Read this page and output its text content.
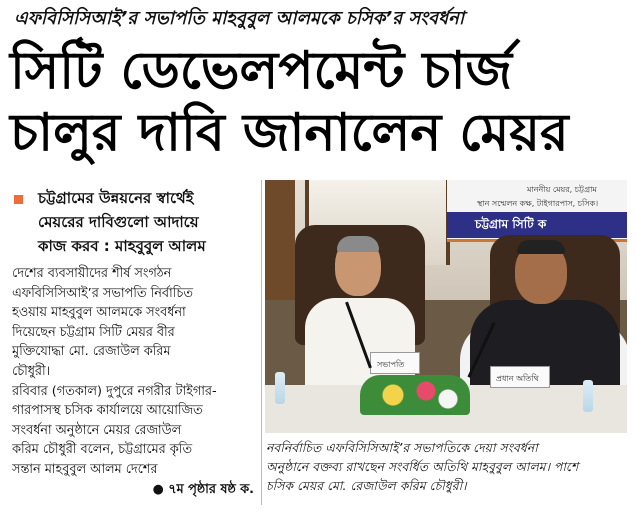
এফবিসিসিআই’র সভাপতি মাহবুবুল আলমকে চসিক’র সংবর্ধনা
সিটি ডেভেলপমেন্ট চার্জ
চালুর দাবি জানালেন মেয়র
চট্টগ্রামের উন্নয়নের স্বার্থেই
মেয়রের দাবিগুলো আদায়ে
কাজ করব : মাহবুবুল আলম
দেশের ব্যবসায়ীদের শীর্ষ সংগঠন
এফবিসিসিআই’র সভাপতি নির্বাচিত
হওয়ায় মাহবুবুল আলমকে সংবর্ধনা
দিয়েছেন চট্টগ্রাম সিটি মেয়র বীর
মুক্তিযোদ্ধা মো. রেজাউল করিম
চৌধুরী।
রবিবার (গতকাল) দুপুরে নগরীর টাইগার-
গারপাসস্থ চসিক কার্যালয়ে আয়োজিত
সংবর্ধনা অনুষ্ঠানে মেয়র রেজাউল
করিম চৌধুরী বলেন, চট্টগ্রামের কৃতি
সন্তান মাহবুবুল আলম দেশের
● ৭ম পৃষ্ঠার ষষ্ঠ ক.
মাননীয় মেয়র, চট্টগ্রাম
স্থান সম্মেলন কক্ষ, টাইগারপাস, চসিক।
চট্টগ্রাম সিটি ক
সভাপতি
প্রধান অতিথি
নবনির্বাচিত এফবিসিসিআই’র সভাপতিকে দেয়া সংবর্ধনা
অনুষ্ঠানে বক্তব্য রাখছেন সংবর্ধিত অতিথি মাহবুবুল আলম। পাশে
চসিক মেয়র মো. রেজাউল করিম চৌধুরী।
